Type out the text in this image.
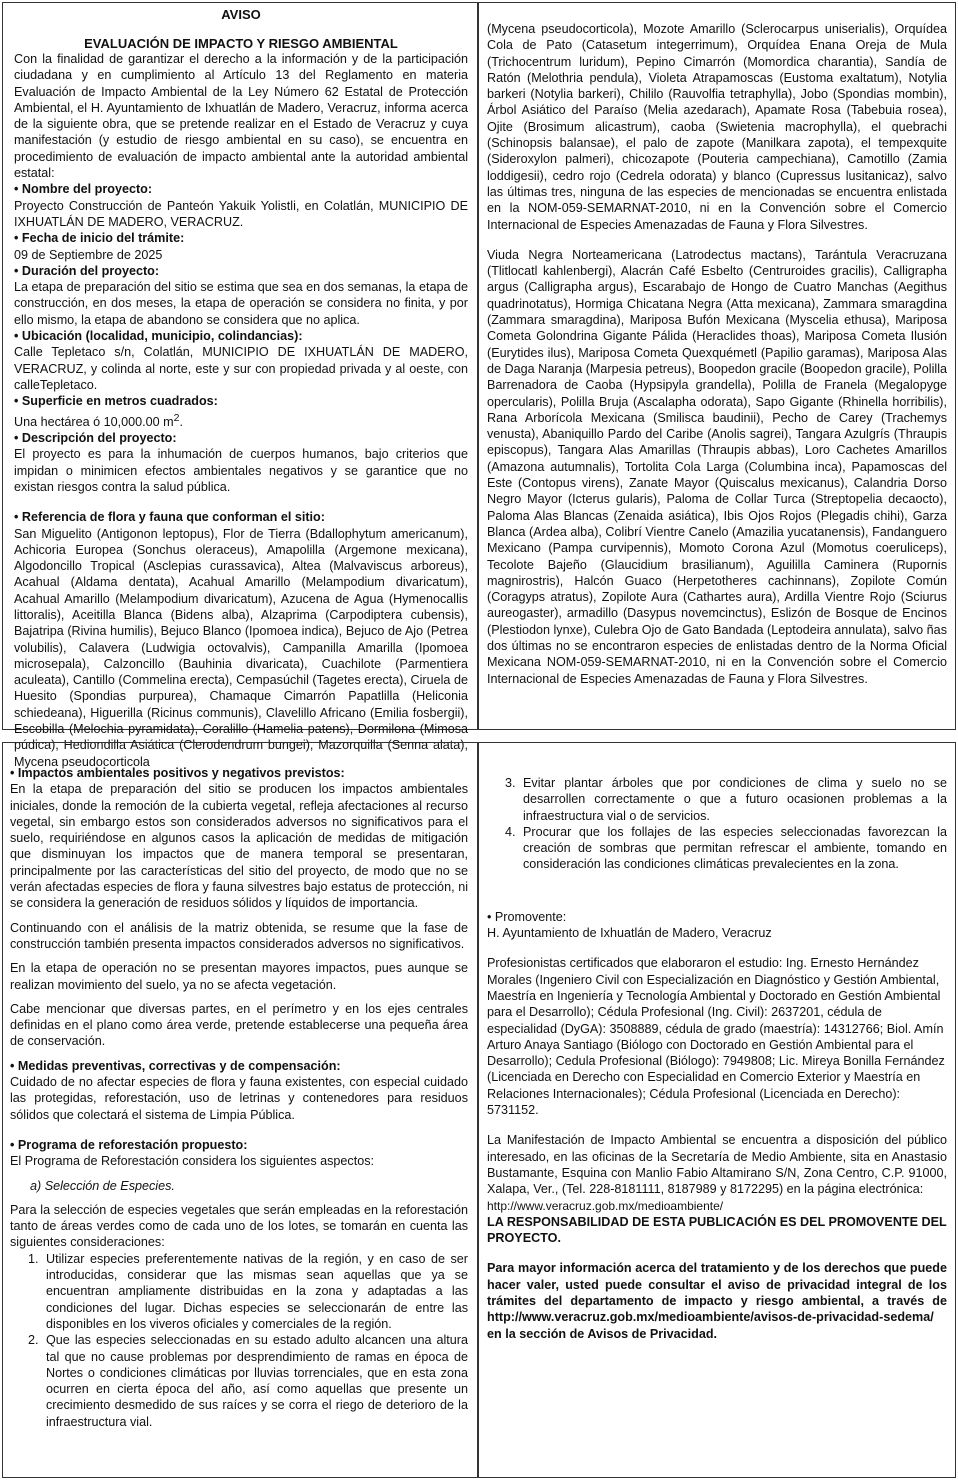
AVISO
EVALUACIÓN DE IMPACTO Y RIESGO AMBIENTAL

Con la finalidad de garantizar el derecho a la información y de la participación ciudadana y en cumplimiento al Artículo 13 del Reglamento en materia Evaluación de Impacto Ambiental de la Ley Número 62 Estatal de Protección Ambiental, el H. Ayuntamiento de Ixhuatlán de Madero, Veracruz, informa acerca de la siguiente obra, que se pretende realizar en el Estado de Veracruz y cuya manifestación (y estudio de riesgo ambiental en su caso), se encuentra en procedimiento de evaluación de impacto ambiental ante la autoridad ambiental estatal:

• Nombre del proyecto:

Proyecto Construcción de Panteón Yakuik Yolistli, en Colatlán, MUNICIPIO DE IXHUATLÁN DE MADERO, VERACRUZ.

• Fecha de inicio del trámite:

09 de Septiembre de 2025

• Duración del proyecto:

La etapa de preparación del sitio se estima que sea en dos semanas, la etapa de construcción, en dos meses, la etapa de operación se considera no finita, y por ello mismo, la etapa de abandono se considera que no aplica.

• Ubicación (localidad, municipio, colindancias):

Calle Tepletaco s/n, Colatlán, MUNICIPIO DE IXHUATLÁN DE MADERO, VERACRUZ, y colinda al norte, este y sur con propiedad privada y al oeste, con calleTepletaco.

• Superficie en metros cuadrados:

Una hectárea ó 10,000.00 $m^2$.

• Descripción del proyecto:

El proyecto es para la inhumación de cuerpos humanos, bajo criterios que impidan o minimicen efectos ambientales negativos y se garantice que no existan riesgos contra la salud pública.

• Referencia de flora y fauna que conforman el sitio:

San Miguelito (Antigonon leptopus), Flor de Tierra (Bdallophytum americanum), Achicoria Europea (Sonchus oleraceus), Amapolilla (Argemone mexicana), Algodoncillo Tropical (Asclepias curassavica), Altea (Malvaviscus arboreus), Acahual (Aldama dentata), Acahual Amarillo (Melampodium divaricatum), Acahual Amarillo (Melampodium divaricatum), Azucena de Agua (Hymenocallis littoralis), Aceitilla Blanca (Bidens alba), Alzaprima (Carpodiptera cubensis), Bajatripa (Rivina humilis), Bejuco Blanco (Ipomoea indica), Bejuco de Ajo (Petrea volubilis), Calavera (Ludwigia octovalvis), Campanilla Amarilla (Ipomoea microsepala), Calzoncillo (Bauhinia divaricata), Cuachilote (Parmentiera aculeata), Cantillo (Commelina erecta), Cempasúchil (Tagetes erecta), Ciruela de Huesito (Spondias purpurea), Chamaque Cimarrón Papatlilla (Heliconia schiedeana), Higuerilla (Ricinus communis), Clavelillo Africano (Emilia fosbergii), Escobilla (Melochia pyramidata), Coralillo (Hamelia patens), Dormilona (Mimosa púdica), Hediondilla Asiática (Clerodendrum bungei), Mazorquilla (Senna alata), Mycena pseudocorticola

(Mycena pseudocorticola), Mozote Amarillo (Sclerocarpus uniserialis), Orquídea Cola de Pato (Catasetum integerrimum), Orquídea Enana Oreja de Mula (Trichocentrum luridum), Pepino Cimarrón (Momordica charantia), Sandía de Ratón (Melothria pendula), Violeta Atrapamoscas (Eustoma exaltatum), Notylia barkeri (Notylia barkeri), Chililo (Rauvolfia tetraphylla), Jobo (Spondias mombin), Árbol Asiático del Paraíso (Melia azedarach), Apamate Rosa (Tabebuia rosea), Ojite (Brosimum alicastrum), caoba (Swietenia macrophylla), el quebrachi (Schinopsis balansae), el palo de zapote (Manilkara zapota), el tempexquite (Sideroxylon palmeri), chicozapote (Pouteria campechiana), Camotillo (Zamia loddigesii), cedro rojo (Cedrela odorata) y blanco (Cupressus lusitanicaz), salvo las últimas tres, ninguna de las especies de mencionadas se encuentra enlistada en la NOM-059-SEMARNAT-2010, ni en la Convención sobre el Comercio Internacional de Especies Amenazadas de Fauna y Flora Silvestres.

Viuda Negra Norteamericana (Latrodectus mactans), Tarántula Veracruzana (Tlitlocatl kahlenbergi), Alacrán Café Esbelto (Centruroides gracilis), Calligrapha argus (Calligrapha argus), Escarabajo de Hongo de Cuatro Manchas (Aegithus quadrinotatus), Hormiga Chicatana Negra (Atta mexicana), Zammara smaragdina (Zammara smaragdina), Mariposa Bufón Mexicana (Myscelia ethusa), Mariposa Cometa Golondrina Gigante Pálida (Heraclides thoas), Mariposa Cometa Ilusión (Eurytides ilus), Mariposa Cometa Quexquémetl (Papilio garamas), Mariposa Alas de Daga Naranja (Marpesia petreus), Boopedon gracile (Boopedon gracile), Polilla Barrenadora de Caoba (Hypsipyla grandella), Polilla de Franela (Megalopyge opercularis), Polilla Bruja (Ascalapha odorata), Sapo Gigante (Rhinella horribilis), Rana Arborícola Mexicana (Smilisca baudinii), Pecho de Carey (Trachemys venusta), Abaniquillo Pardo del Caribe (Anolis sagrei), Tangara Azulgrís (Thraupis episcopus), Tangara Alas Amarillas (Thraupis abbas), Loro Cachetes Amarillos (Amazona autumnalis), Tortolita Cola Larga (Columbina inca), Papamoscas del Este (Contopus virens), Zanate Mayor (Quiscalus mexicanus), Calandria Dorso Negro Mayor (Icterus gularis), Paloma de Collar Turca (Streptopelia decaocto), Paloma Alas Blancas (Zenaida asiática), Ibis Ojos Rojos (Plegadis chihi), Garza Blanca (Ardea alba), Colibrí Vientre Canelo (Amazilia yucatanensis), Fandanguero Mexicano (Pampa curvipennis), Momoto Corona Azul (Momotus coeruliceps), Tecolote Bajeño (Glaucidium brasilianum), Aguililla Caminera (Rupornis magnirostris), Halcón Guaco (Herpetotheres cachinnans), Zopilote Común (Coragyps atratus), Zopilote Aura (Cathartes aura), Ardilla Vientre Rojo (Sciurus aureogaster), armadillo (Dasypus novemcinctus), Eslizón de Bosque de Encinos (Plestiodon lynxe), Culebra Ojo de Gato Bandada (Leptodeira annulata), salvo ñas dos últimas no se encontraron especies de enlistadas dentro de la Norma Oficial Mexicana NOM-059-SEMARNAT-2010, ni en la Convención sobre el Comercio Internacional de Especies Amenazadas de Fauna y Flora Silvestres.

• Impactos ambientales positivos y negativos previstos:

En la etapa de preparación del sitio se producen los impactos ambientales iniciales, donde la remoción de la cubierta vegetal, refleja afectaciones al recurso vegetal, sin embargo estos son considerados adversos no significativos para el suelo, requiriéndose en algunos casos la aplicación de medidas de mitigación que disminuyan los impactos que de manera temporal se presentaran, principalmente por las características del sitio del proyecto, de modo que no se verán afectadas especies de flora y fauna silvestres bajo estatus de protección, ni se considera la generación de residuos sólidos y líquidos de importancia.

Continuando con el análisis de la matriz obtenida, se resume que la fase de construcción también presenta impactos considerados adversos no significativos.

En la etapa de operación no se presentan mayores impactos, pues aunque se realizan movimiento del suelo, ya no se afecta vegetación.

Cabe mencionar que diversas partes, en el perímetro y en los ejes centrales definidas en el plano como área verde, pretende establecerse una pequeña área de conservación.

• Medidas preventivas, correctivas y de compensación:

Cuidado de no afectar especies de flora y fauna existentes, con especial cuidado las protegidas, reforestación, uso de letrinas y contenedores para residuos sólidos que colectará el sistema de Limpia Pública.

• Programa de reforestación propuesto:

El Programa de Reforestación considera los siguientes aspectos:

a) Selección de Especies.

Para la selección de especies vegetales que serán empleadas en la reforestación tanto de áreas verdes como de cada uno de los lotes, se tomarán en cuenta las siguientes consideraciones:

1. Utilizar especies preferentemente nativas de la región, y en caso de ser introducidas, considerar que las mismas sean aquellas que ya se encuentran ampliamente distribuidas en la zona y adaptadas a las condiciones del lugar. Dichas especies se seleccionarán de entre las disponibles en los viveros oficiales y comerciales de la región.
2. Que las especies seleccionadas en su estado adulto alcancen una altura tal que no cause problemas por desprendimiento de ramas en época de Nortes o condiciones climáticas por lluvias torrenciales, que en esta zona ocurren en cierta época del año, así como aquellas que presente un crecimiento desmedido de sus raíces y se corra el riego de deterioro de la infraestructura vial.
3. Evitar plantar árboles que por condiciones de clima y suelo no se desarrollen correctamente o que a futuro ocasionen problemas a la infraestructura vial o de servicios.
4. Procurar que los follajes de las especies seleccionadas favorezcan la creación de sombras que permitan refrescar el ambiente, tomando en consideración las condiciones climáticas prevalecientes en la zona.

• Promovente:

H. Ayuntamiento de Ixhuatlán de Madero, Veracruz

Profesionistas certificados que elaboraron el estudio: Ing. Ernesto Hernández Morales (Ingeniero Civil con Especialización en Diagnóstico y Gestión Ambiental, Maestría en Ingeniería y Tecnología Ambiental y Doctorado en Gestión Ambiental para el Desarrollo); Cédula Profesional (Ing. Civil): 2637201, cédula de especialidad (DyGA): 3508889, cédula de grado (maestría): 14312766; Biol. Amín Arturo Anaya Santiago (Biólogo con Doctorado en Gestión Ambiental para el Desarrollo); Cedula Profesional (Biólogo): 7949808; Lic. Mireya Bonilla Fernández (Licenciada en Derecho con Especialidad en Comercio Exterior y Maestría en Relaciones Internacionales); Cédula Profesional (Licenciada en Derecho): 5731152.

La Manifestación de Impacto Ambiental se encuentra a disposición del público interesado, en las oficinas de la Secretaría de Medio Ambiente, sita en Anastasio Bustamante, Esquina con Manlio Fabio Altamirano S/N, Zona Centro, C.P. 91000, Xalapa, Ver., (Tel. 228-8181111, 8187989 y 8172295) en la página electrónica:

http://www.veracruz.gob.mx/medioambiente/

LA RESPONSABILIDAD DE ESTA PUBLICACIÓN ES DEL PROMOVENTE DEL PROYECTO.

Para mayor información acerca del tratamiento y de los derechos que puede hacer valer, usted puede consultar el aviso de privacidad integral de los trámites del departamento de impacto y riesgo ambiental, a través de http://www.veracruz.gob.mx/medioambiente/avisos-de-privacidad-sedema/ en la sección de Avisos de Privacidad.
